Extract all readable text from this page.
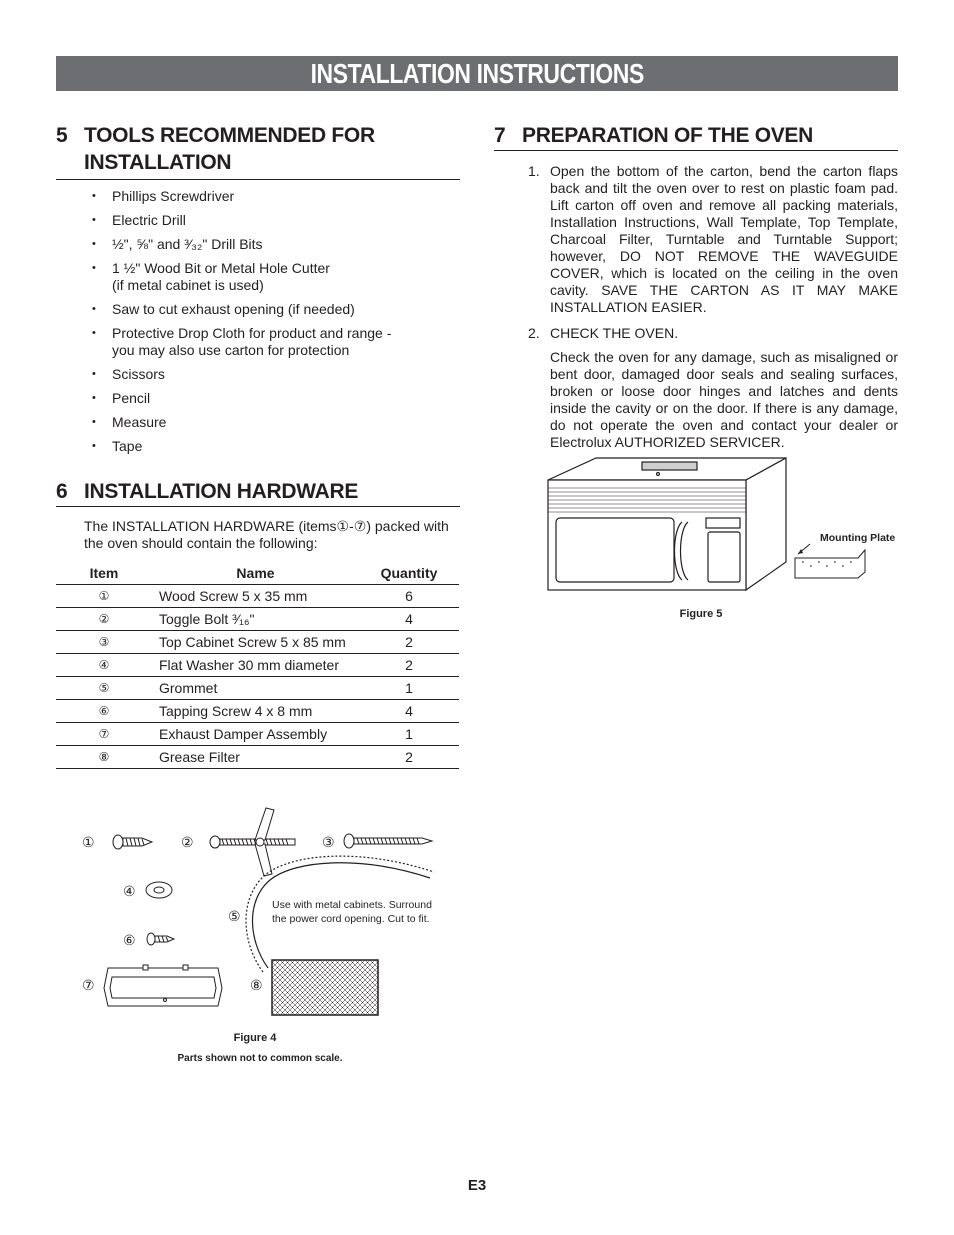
INSTALLATION INSTRUCTIONS
5 TOOLS RECOMMENDED FOR
INSTALLATION
• Phillips Screwdriver
• Electric Drill
• ½", ⅝" and ³⁄₃₂" Drill Bits
• 1 ½" Wood Bit or Metal Hole Cutter
(if metal cabinet is used)
• Saw to cut exhaust opening (if needed)
• Protective Drop Cloth for product and range -
you may also use carton for protection
• Scissors
• Pencil
• Measure
• Tape
6 INSTALLATION HARDWARE
The INSTALLATION HARDWARE (items①-⑦) packed with the oven should contain the following:
Item	Name	Quantity
①	Wood Screw 5 x 35 mm	6
②	Toggle Bolt ³⁄₁₆"	4
③	Top Cabinet Screw 5 x 85 mm	2
④	Flat Washer 30 mm diameter	2
⑤	Grommet	1
⑥	Tapping Screw 4 x 8 mm	4
⑦	Exhaust Damper Assembly	1
⑧	Grease Filter	2
①	②	③
④
⑤
⑥
⑦	⑧
Use with metal cabinets. Surround
the power cord opening. Cut to fit.
Figure 4
Parts shown not to common scale.
7 PREPARATION OF THE OVEN
1. Open the bottom of the carton, bend the carton flaps back and tilt the oven over to rest on plastic foam pad. Lift carton off oven and remove all packing materials, Installation Instructions, Wall Template, Top Template, Charcoal Filter, Turntable and Turntable Support; however, DO NOT REMOVE THE WAVEGUIDE COVER, which is located on the ceiling in the oven cavity. SAVE THE CARTON AS IT MAY MAKE INSTALLATION EASIER.
2. CHECK THE OVEN.
Check the oven for any damage, such as misaligned or bent door, damaged door seals and sealing surfaces, broken or loose door hinges and latches and dents inside the cavity or on the door. If there is any damage, do not operate the oven and contact your dealer or Electrolux AUTHORIZED SERVICER.
Mounting Plate
Figure 5
E3
